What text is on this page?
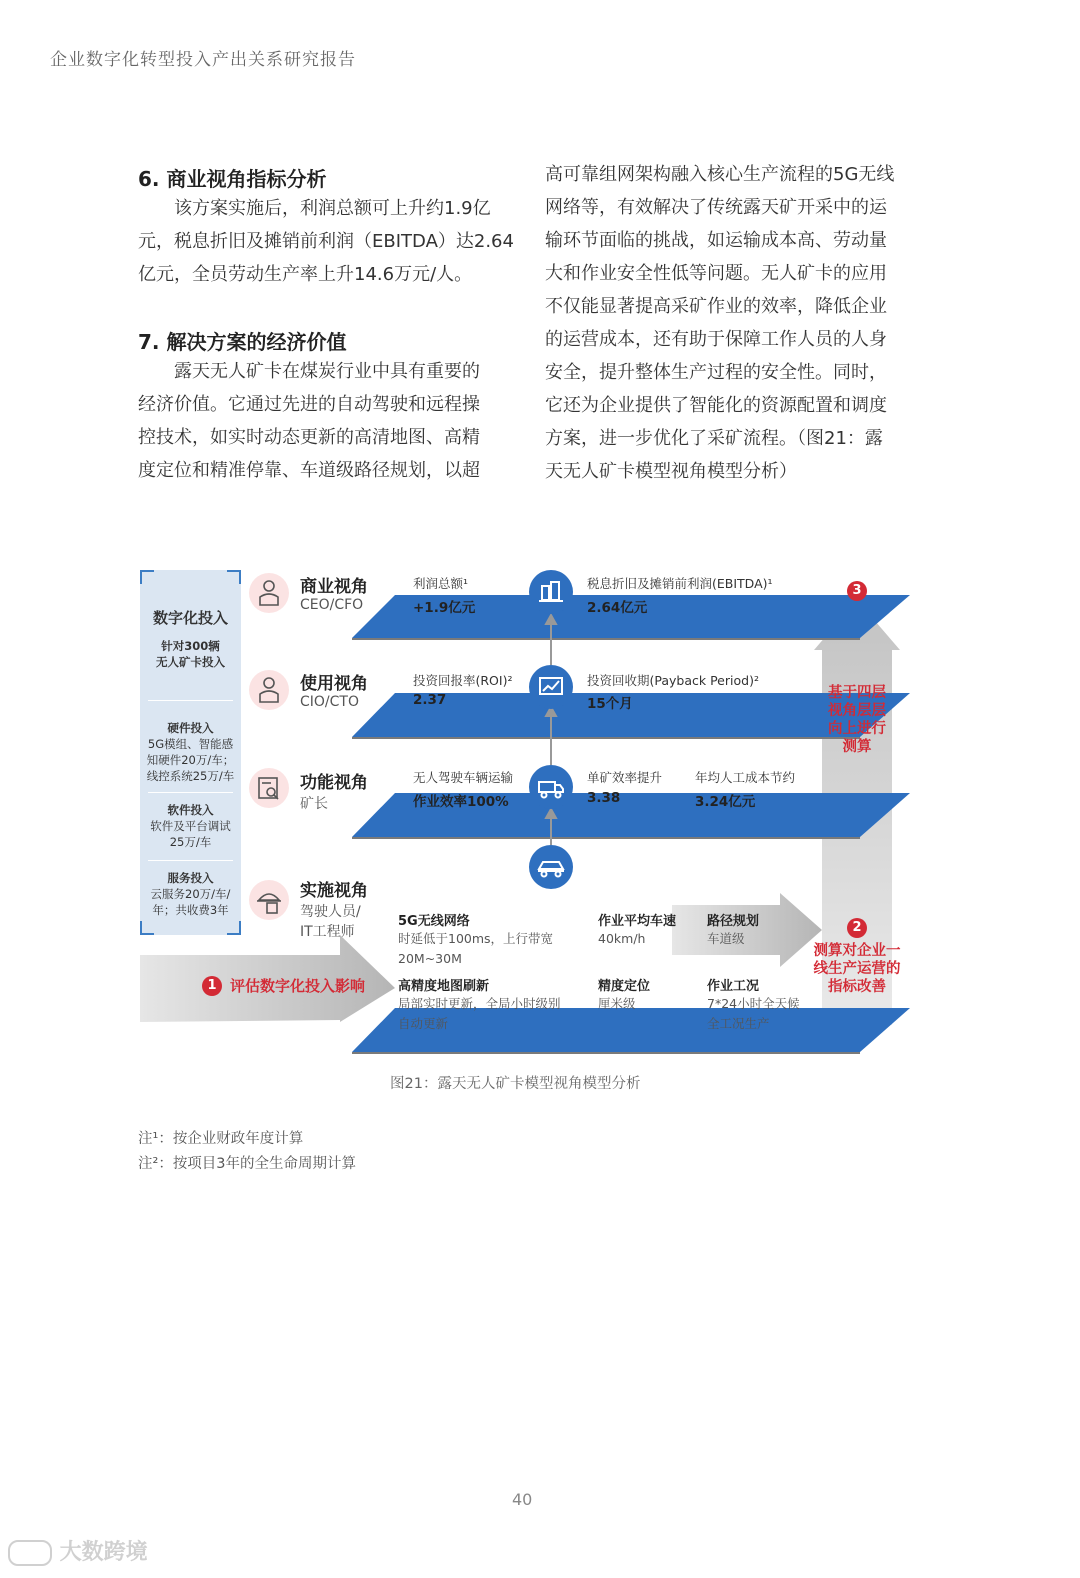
企业数字化转型投入产出关系研究报告
6. 商业视角指标分析
　　该方案实施后，利润总额可上升约1.9亿
元，税息折旧及摊销前利润（EBITDA）达2.64
亿元，全员劳动生产率上升14.6万元/人。
7. 解决方案的经济价值
　　露天无人矿卡在煤炭行业中具有重要的
经济价值。它通过先进的自动驾驶和远程操
控技术，如实时动态更新的高清地图、高精
度定位和精准停靠、车道级路径规划，以超
高可靠组网架构融入核心生产流程的5G无线
网络等，有效解决了传统露天矿开采中的运
输环节面临的挑战，如运输成本高、劳动量
大和作业安全性低等问题。无人矿卡的应用
不仅能显著提高采矿作业的效率，降低企业
的运营成本，还有助于保障工作人员的人身
安全，提升整体生产过程的安全性。同时，
它还为企业提供了智能化的资源配置和调度
方案，进一步优化了采矿流程。（图21：露
天无人矿卡模型视角模型分析）
数字化投入
针对300辆
无人矿卡投入
硬件投入
5G模组、智能感
知硬件20万/车；
线控系统25万/车
软件投入
软件及平台调试
25万/车
服务投入
云服务20万/车/
年；共收费3年
商业视角
CEO/CFO
使用视角
CIO/CTO
功能视角
矿长
实施视角
驾驶人员/
IT工程师
利润总额¹
+1.9亿元
税息折旧及摊销前利润(EBITDA)¹
2.64亿元
投资回报率(ROI)²
2.37
投资回收期(Payback Period)²
15个月
无人驾驶车辆运输
作业效率100%
单矿效率提升
3.38
年均人工成本节约
3.24亿元
5G无线网络
时延低于100ms，上行带宽
20M~30M
作业平均车速
40km/h
路径规划
车道级
高精度地图刷新
局部实时更新，全局小时级别
自动更新
精度定位
厘米级
作业工况
7*24小时全天候
全工况生产
1 评估数字化投入影响
2
测算对企业一
线生产运营的
指标改善
3
基于四层
视角层层
向上进行
测算
图21：露天无人矿卡模型视角模型分析
注¹：按企业财政年度计算
注²：按项目3年的全生命周期计算
40
大数跨境
